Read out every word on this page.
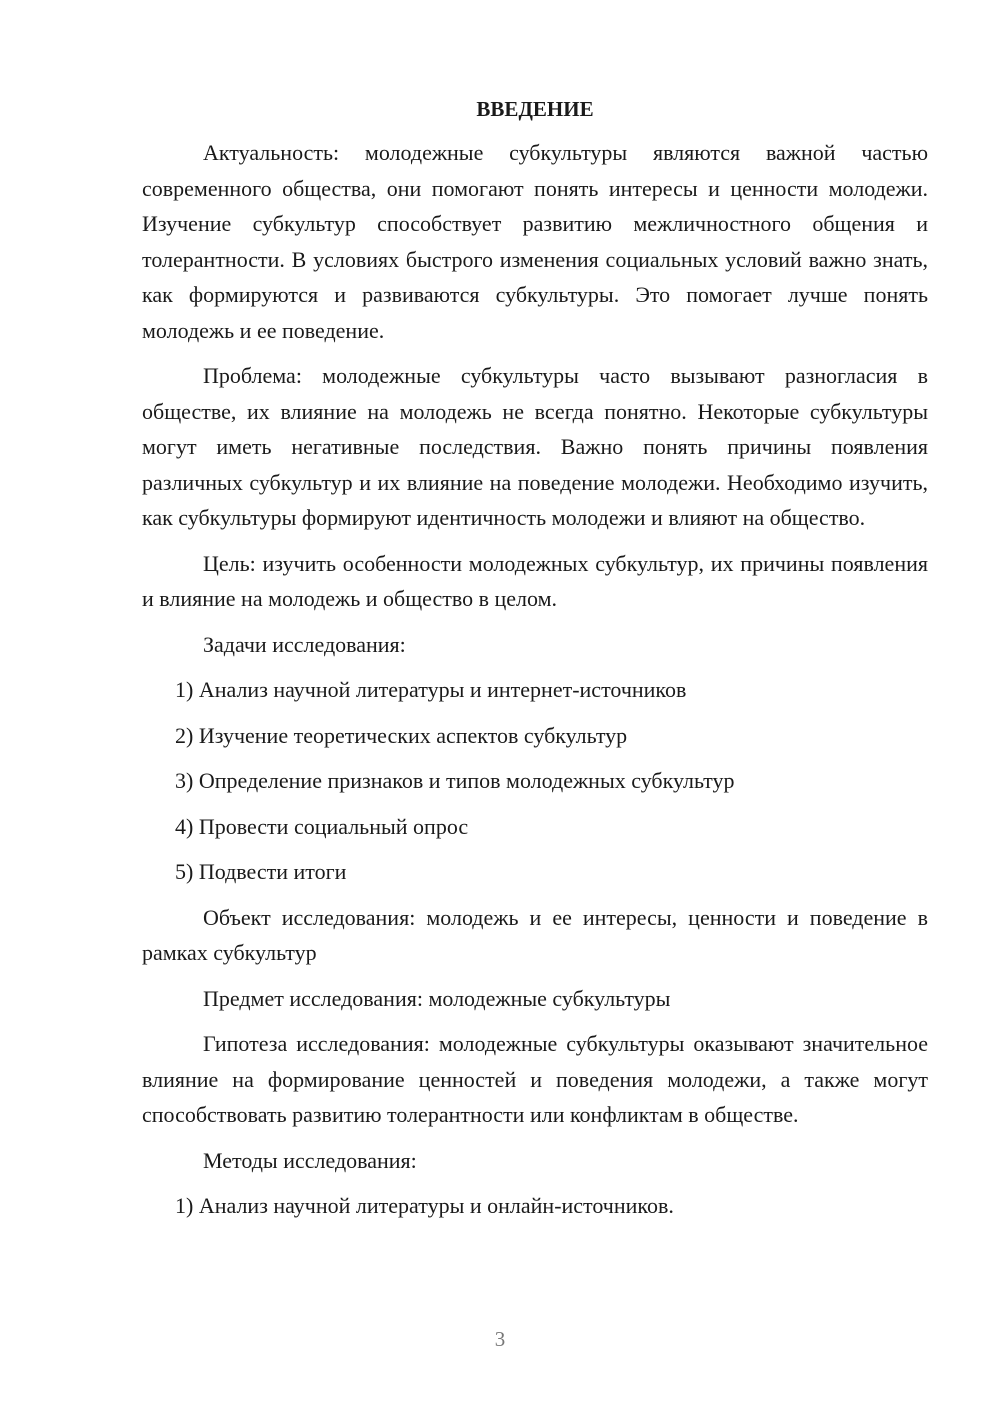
ВВЕДЕНИЕ

Актуальность: молодежные субкультуры являются важной частью современного общества, они помогают понять интересы и ценности молодежи. Изучение субкультур способствует развитию межличностного общения и толерантности. В условиях быстрого изменения социальных условий важно знать, как формируются и развиваются субкультуры. Это помогает лучше понять молодежь и ее поведение.

Проблема: молодежные субкультуры часто вызывают разногласия в обществе, их влияние на молодежь не всегда понятно. Некоторые субкультуры могут иметь негативные последствия. Важно понять причины появления различных субкультур и их влияние на поведение молодежи. Необходимо изучить, как субкультуры формируют идентичность молодежи и влияют на общество.

Цель: изучить особенности молодежных субкультур, их причины появления и влияние на молодежь и общество в целом.

Задачи исследования:

1) Анализ научной литературы и интернет-источников
2) Изучение теоретических аспектов субкультур
3) Определение признаков и типов молодежных субкультур
4) Провести социальный опрос
5) Подвести итоги

Объект исследования: молодежь и ее интересы, ценности и поведение в рамках субкультур

Предмет исследования: молодежные субкультуры

Гипотеза исследования: молодежные субкультуры оказывают значительное влияние на формирование ценностей и поведения молодежи, а также могут способствовать развитию толерантности или конфликтам в обществе.

Методы исследования:

1) Анализ научной литературы и онлайн-источников.
3
